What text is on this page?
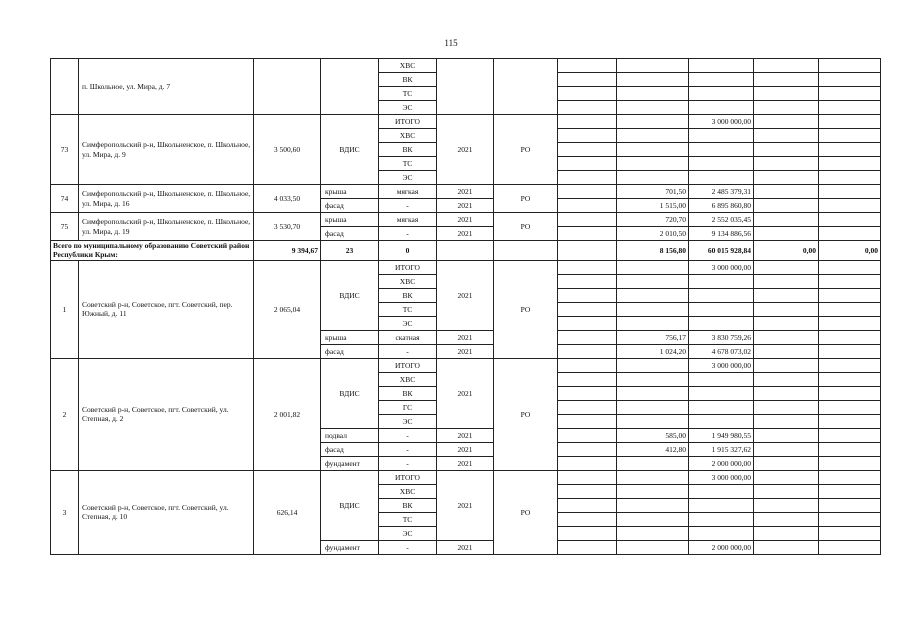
115
	п. Школьное, ул. Мира, д. 7			ХВС								
				ВК								
				ТС								
				ЭС								
73	Симферопольский р-н, Школьненское, п. Школьное, ул. Мира, д. 9	3 500,60	ВДИС	ИТОГО	2021	РО			3 000 000,00			
				ХВС								
				ВК								
				ТС								
				ЭС								
74	Симферопольский р-н, Школьненское, п. Школьное, ул. Мира, д. 16	4 033,50	крыша	мягкая	2021	РО		701,50	2 485 379,31			
			фасад	-	2021			1 515,00	6 895 860,80			
75	Симферопольский р-н, Школьненское, п. Школьное, ул. Мира, д. 19	3 530,70	крыша	мягкая	2021	РО		720,70	2 552 035,45			
			фасад	-	2021			2 010,50	9 134 886,56			
Всего по муниципальному образованию Советский район Республики Крым:		9 394,67	23	0				8 156,80	60 015 928,84	0,00	0,00	
1	Советский р-н, Советское, пгт. Советский, пер. Южный, д. 11	2 065,04	ВДИС	ИТОГО	2021	РО			3 000 000,00			
				ХВС								
				ВК								
				ТС								
				ЭС								
			крыша	скатная	2021			756,17	3 830 759,26			
			фасад	-	2021			1 024,20	4 678 073,02			
2	Советский р-н, Советское, пгт. Советский, ул. Степная, д. 2	2 001,82	ВДИС	ИТОГО	2021	РО			3 000 000,00			
				ХВС								
				ВК								
				ГС								
				ЭС								
			подвал	-	2021			585,00	1 949 980,55			
			фасад	-	2021			412,80	1 915 327,62			
			фундамент	-	2021				2 000 000,00			
3	Советский р-н, Советское, пгт. Советский, ул. Степная, д. 10	626,14	ВДИС	ИТОГО	2021	РО			3 000 000,00			
				ХВС								
				ВК								
				ТС								
				ЭС								
			фундамент	-	2021				2 000 000,00			
